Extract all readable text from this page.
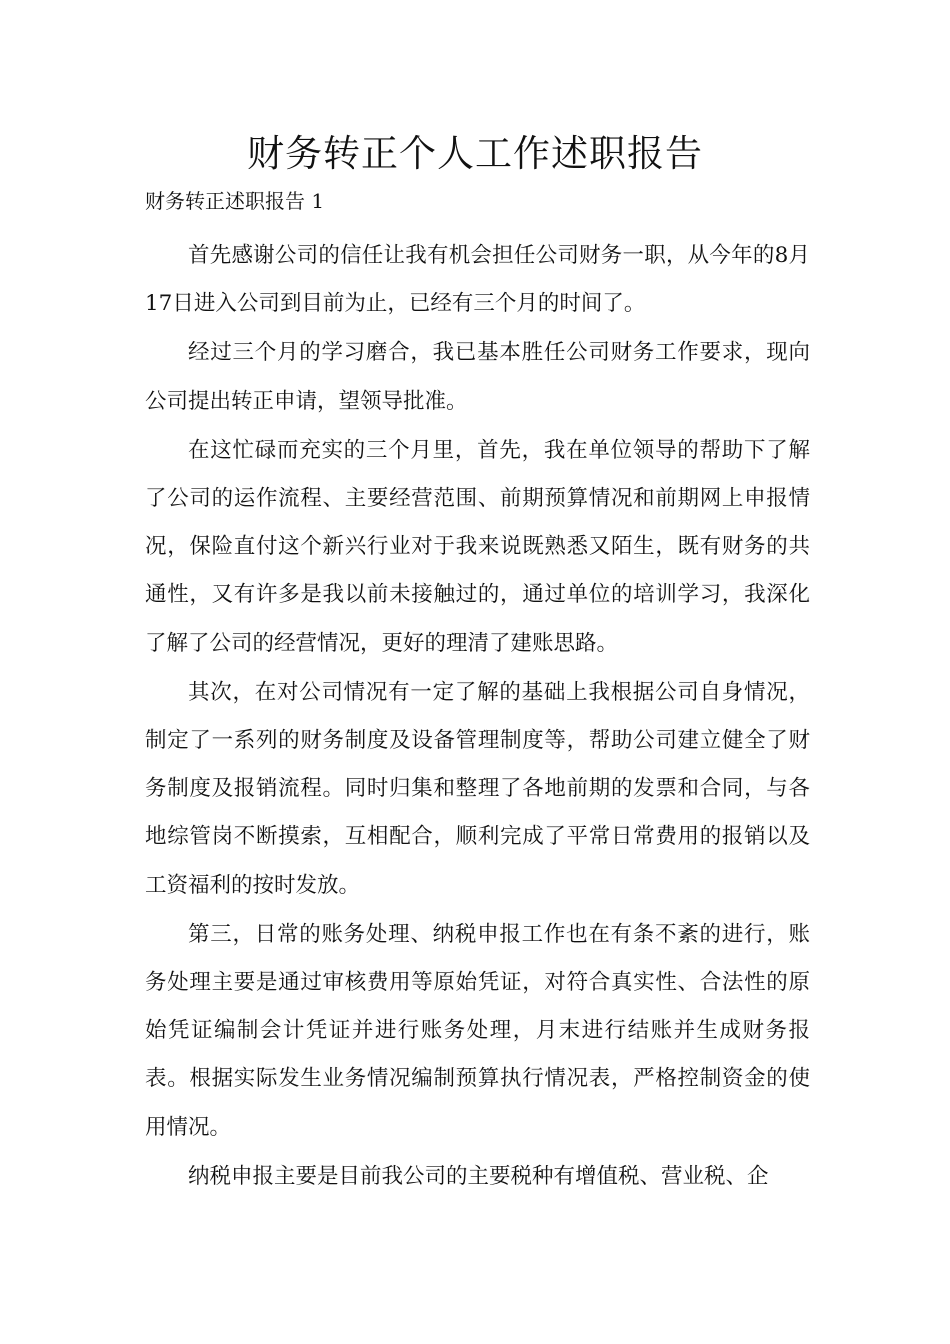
财务转正个人工作述职报告

财务转正述职报告 1

首先感谢公司的信任让我有机会担任公司财务一职，从今年的8月17日进入公司到目前为止，已经有三个月的时间了。

经过三个月的学习磨合，我已基本胜任公司财务工作要求，现向公司提出转正申请，望领导批准。

在这忙碌而充实的三个月里，首先，我在单位领导的帮助下了解了公司的运作流程、主要经营范围、前期预算情况和前期网上申报情况，保险直付这个新兴行业对于我来说既熟悉又陌生，既有财务的共通性，又有许多是我以前未接触过的，通过单位的培训学习，我深化了解了公司的经营情况，更好的理清了建账思路。

其次，在对公司情况有一定了解的基础上我根据公司自身情况，制定了一系列的财务制度及设备管理制度等，帮助公司建立健全了财务制度及报销流程。同时归集和整理了各地前期的发票和合同，与各地综管岗不断摸索，互相配合，顺利完成了平常日常费用的报销以及工资福利的按时发放。

第三，日常的账务处理、纳税申报工作也在有条不紊的进行，账务处理主要是通过审核费用等原始凭证，对符合真实性、合法性的原始凭证编制会计凭证并进行账务处理，月末进行结账并生成财务报表。根据实际发生业务情况编制预算执行情况表，严格控制资金的使用情况。

纳税申报主要是目前我公司的主要税种有增值税、营业税、企
